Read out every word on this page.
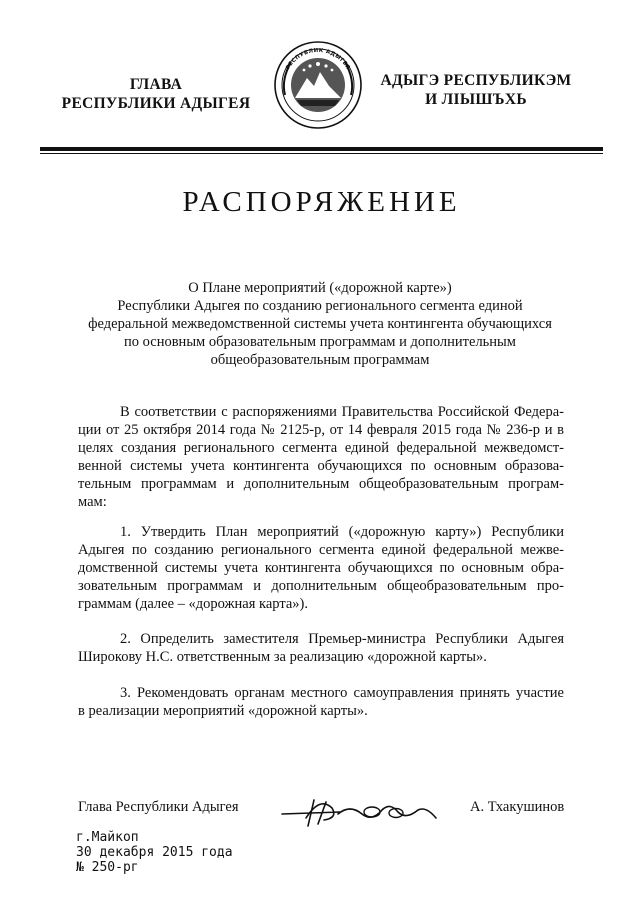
ГЛАВА
РЕСПУБЛИКИ АДЫГЕЯ
РЕСПУБЛИК АДЫГЕЯ
АДЫГЭ РЕСПУБЛИКЭМ
И ЛІЫШЪХЬ
РАСПОРЯЖЕНИЕ
О Плане мероприятий («дорожной карте»)
Республики Адыгея по созданию регионального сегмента единой
федеральной межведомственной системы учета контингента обучающихся
по основным образовательным программам и дополнительным
общеобразовательным программам
В соответствии с распоряжениями Правительства Российской Федера-
ции от 25 октября 2014 года № 2125-р, от 14 февраля 2015 года № 236-р и в
целях создания регионального сегмента единой федеральной межведомст-
венной системы учета контингента обучающихся по основным образова-
тельным программам и дополнительным общеобразовательным програм-
мам:
1. Утвердить План мероприятий («дорожную карту») Республики
Адыгея по созданию регионального сегмента единой федеральной межве-
домственной системы учета контингента обучающихся по основным обра-
зовательным программам и дополнительным общеобразовательным про-
граммам (далее – «дорожная карта»).
2. Определить заместителя Премьер-министра Республики Адыгея
Широкову Н.С. ответственным за реализацию «дорожной карты».
3. Рекомендовать органам местного самоуправления принять участие
в реализации мероприятий «дорожной карты».
Глава Республики Адыгея	А. Тхакушинов
г.Майкоп
30 декабря 2015 года
№ 250-рг
